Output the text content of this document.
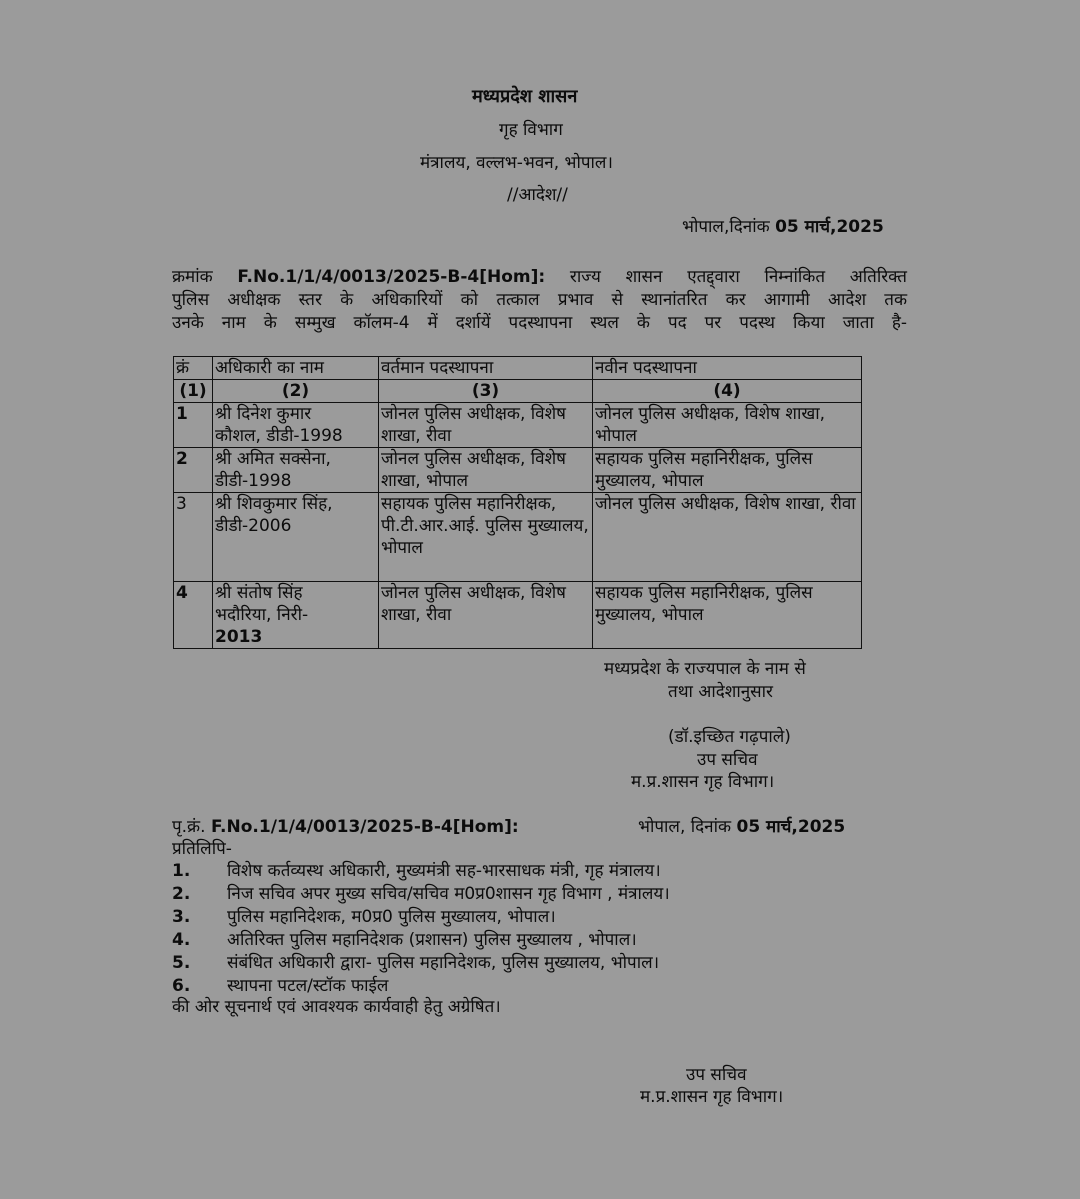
मध्यप्रदेश शासन
गृह विभाग
मंत्रालय, वल्लभ-भवन, भोपाल।
//आदेश//
भोपाल,दिनांक 05 मार्च,2025
क्रमांक F.No.1/1/4/0013/2025-B-4[Hom]: राज्य शासन एतद्द्वारा निम्नांकित अतिरिक्त
पुलिस अधीक्षक स्तर के अधिकारियों को तत्काल प्रभाव से स्थानांतरित कर आगामी आदेश तक
उनके नाम के सम्मुख कॉलम-4 में दर्शायें पदस्थापना स्थल के पद पर पदस्थ किया जाता है-
क्रं	अधिकारी का नाम	वर्तमान पदस्थापना	नवीन पदस्थापना
(1)	(2)	(3)	(4)
1	श्री दिनेश कुमार
कौशल, डीडी-1998	जोनल पुलिस अधीक्षक, विशेष शाखा, रीवा	जोनल पुलिस अधीक्षक, विशेष शाखा, भोपाल
2	श्री अमित सक्सेना,
डीडी-1998	जोनल पुलिस अधीक्षक, विशेष शाखा, भोपाल	सहायक पुलिस महानिरीक्षक, पुलिस मुख्यालय, भोपाल
3	श्री शिवकुमार सिंह,
डीडी-2006	सहायक पुलिस महानिरीक्षक, पी.टी.आर.आई. पुलिस मुख्यालय, भोपाल	जोनल पुलिस अधीक्षक, विशेष शाखा, रीवा
4	श्री संतोष सिंह
भदौरिया, निरी-
2013	जोनल पुलिस अधीक्षक, विशेष शाखा, रीवा	सहायक पुलिस महानिरीक्षक, पुलिस मुख्यालय, भोपाल
मध्यप्रदेश के राज्यपाल के नाम से
तथा आदेशानुसार
(डॉ.इच्छित गढ़पाले)
उप सचिव
म.प्र.शासन गृह विभाग।
पृ.क्रं. F.No.1/1/4/0013/2025-B-4[Hom]:	भोपाल, दिनांक 05 मार्च,2025
प्रतिलिपि-
1.	विशेष कर्तव्यस्थ अधिकारी, मुख्यमंत्री सह-भारसाधक मंत्री, गृह मंत्रालय।
2.	निज सचिव अपर मुख्य सचिव/सचिव म0प्र0शासन गृह विभाग , मंत्रालय।
3.	पुलिस महानिदेशक, म0प्र0 पुलिस मुख्यालय, भोपाल।
4.	अतिरिक्त पुलिस महानिदेशक (प्रशासन) पुलिस मुख्यालय , भोपाल।
5.	संबंधित अधिकारी द्वारा- पुलिस महानिदेशक, पुलिस मुख्यालय, भोपाल।
6.	स्थापना पटल/स्टॉक फाईल
की ओर सूचनार्थ एवं आवश्यक कार्यवाही हेतु अग्रेषित।
उप सचिव
म.प्र.शासन गृह विभाग।
